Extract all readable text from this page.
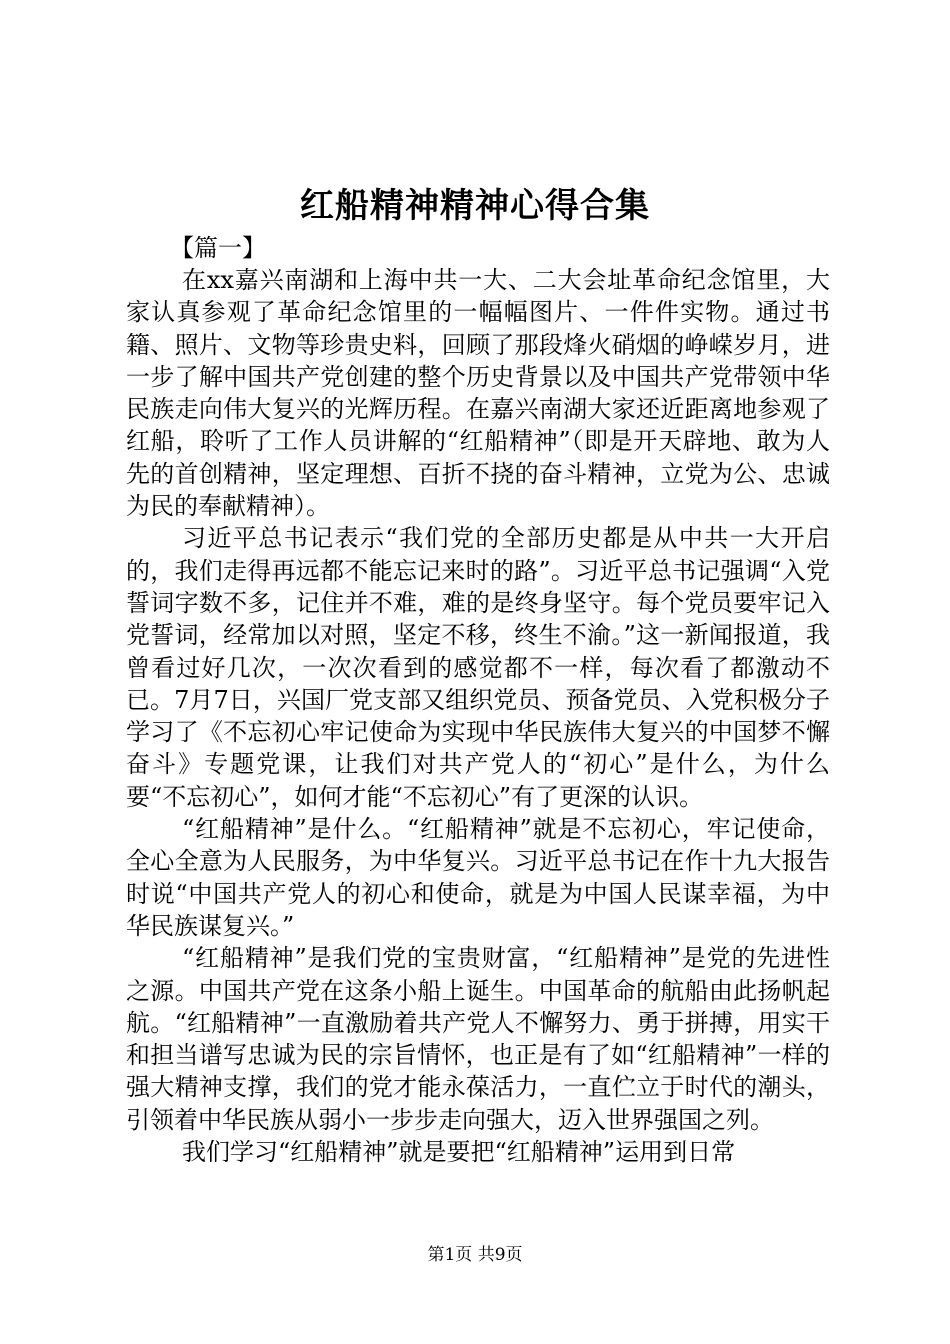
红船精神精神心得合集

【篇一】

在xx嘉兴南湖和上海中共一大、二大会址革命纪念馆里，大家认真参观了革命纪念馆里的一幅幅图片、一件件实物。通过书籍、照片、文物等珍贵史料，回顾了那段烽火硝烟的峥嵘岁月，进一步了解中国共产党创建的整个历史背景以及中国共产党带领中华民族走向伟大复兴的光辉历程。在嘉兴南湖大家还近距离地参观了红船，聆听了工作人员讲解的“红船精神”（即是开天辟地、敢为人先的首创精神，坚定理想、百折不挠的奋斗精神，立党为公、忠诚为民的奉献精神）。

习近平总书记表示“我们党的全部历史都是从中共一大开启的，我们走得再远都不能忘记来时的路”。习近平总书记强调“入党誓词字数不多，记住并不难，难的是终身坚守。每个党员要牢记入党誓词，经常加以对照，坚定不移，终生不渝。”这一新闻报道，我曾看过好几次，一次次看到的感觉都不一样，每次看了都激动不已。7月7日，兴国厂党支部又组织党员、预备党员、入党积极分子学习了《不忘初心牢记使命为实现中华民族伟大复兴的中国梦不懈奋斗》专题党课，让我们对共产党人的“初心”是什么，为什么要“不忘初心”，如何才能“不忘初心”有了更深的认识。

“红船精神”是什么。“红船精神”就是不忘初心，牢记使命，全心全意为人民服务，为中华复兴。习近平总书记在作十九大报告时说“中国共产党人的初心和使命，就是为中国人民谋幸福，为中华民族谋复兴。”

“红船精神”是我们党的宝贵财富，“红船精神”是党的先进性之源。中国共产党在这条小船上诞生。中国革命的航船由此扬帆起航。“红船精神”一直激励着共产党人不懈努力、勇于拼搏，用实干和担当谱写忠诚为民的宗旨情怀，也正是有了如“红船精神”一样的强大精神支撑，我们的党才能永葆活力，一直伫立于时代的潮头，引领着中华民族从弱小一步步走向强大，迈入世界强国之列。

我们学习“红船精神”就是要把“红船精神”运用到日常

第1页 共9页
